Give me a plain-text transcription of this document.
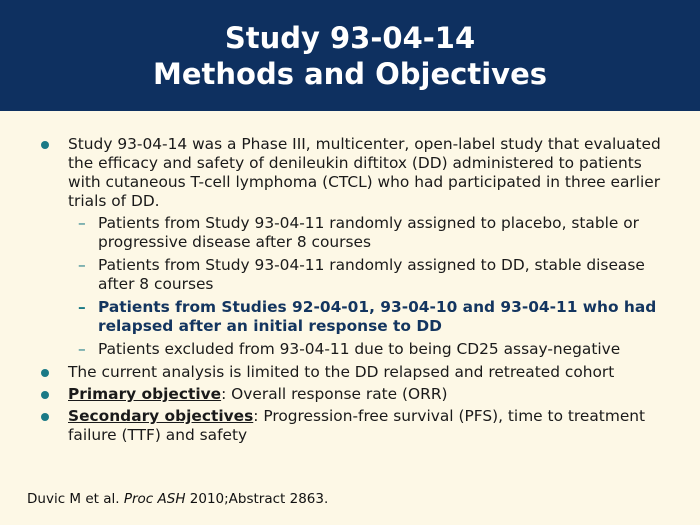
Study 93-04-14
Methods and Objectives
Study 93-04-14 was a Phase III, multicenter, open-label study that evaluated the efficacy and safety of denileukin diftitox (DD) administered to patients with cutaneous T-cell lymphoma (CTCL) who had participated in three earlier trials of DD.
– Patients from Study 93-04-11 randomly assigned to placebo, stable or progressive disease after 8 courses
– Patients from Study 93-04-11 randomly assigned to DD, stable disease after 8 courses
– Patients from Studies 92-04-01, 93-04-10 and 93-04-11 who had relapsed after an initial response to DD
– Patients excluded from 93-04-11 due to being CD25 assay-negative
The current analysis is limited to the DD relapsed and retreated cohort
Primary objective: Overall response rate (ORR)
Secondary objectives: Progression-free survival (PFS), time to treatment failure (TTF) and safety
Duvic M et al. Proc ASH 2010;Abstract 2863.
